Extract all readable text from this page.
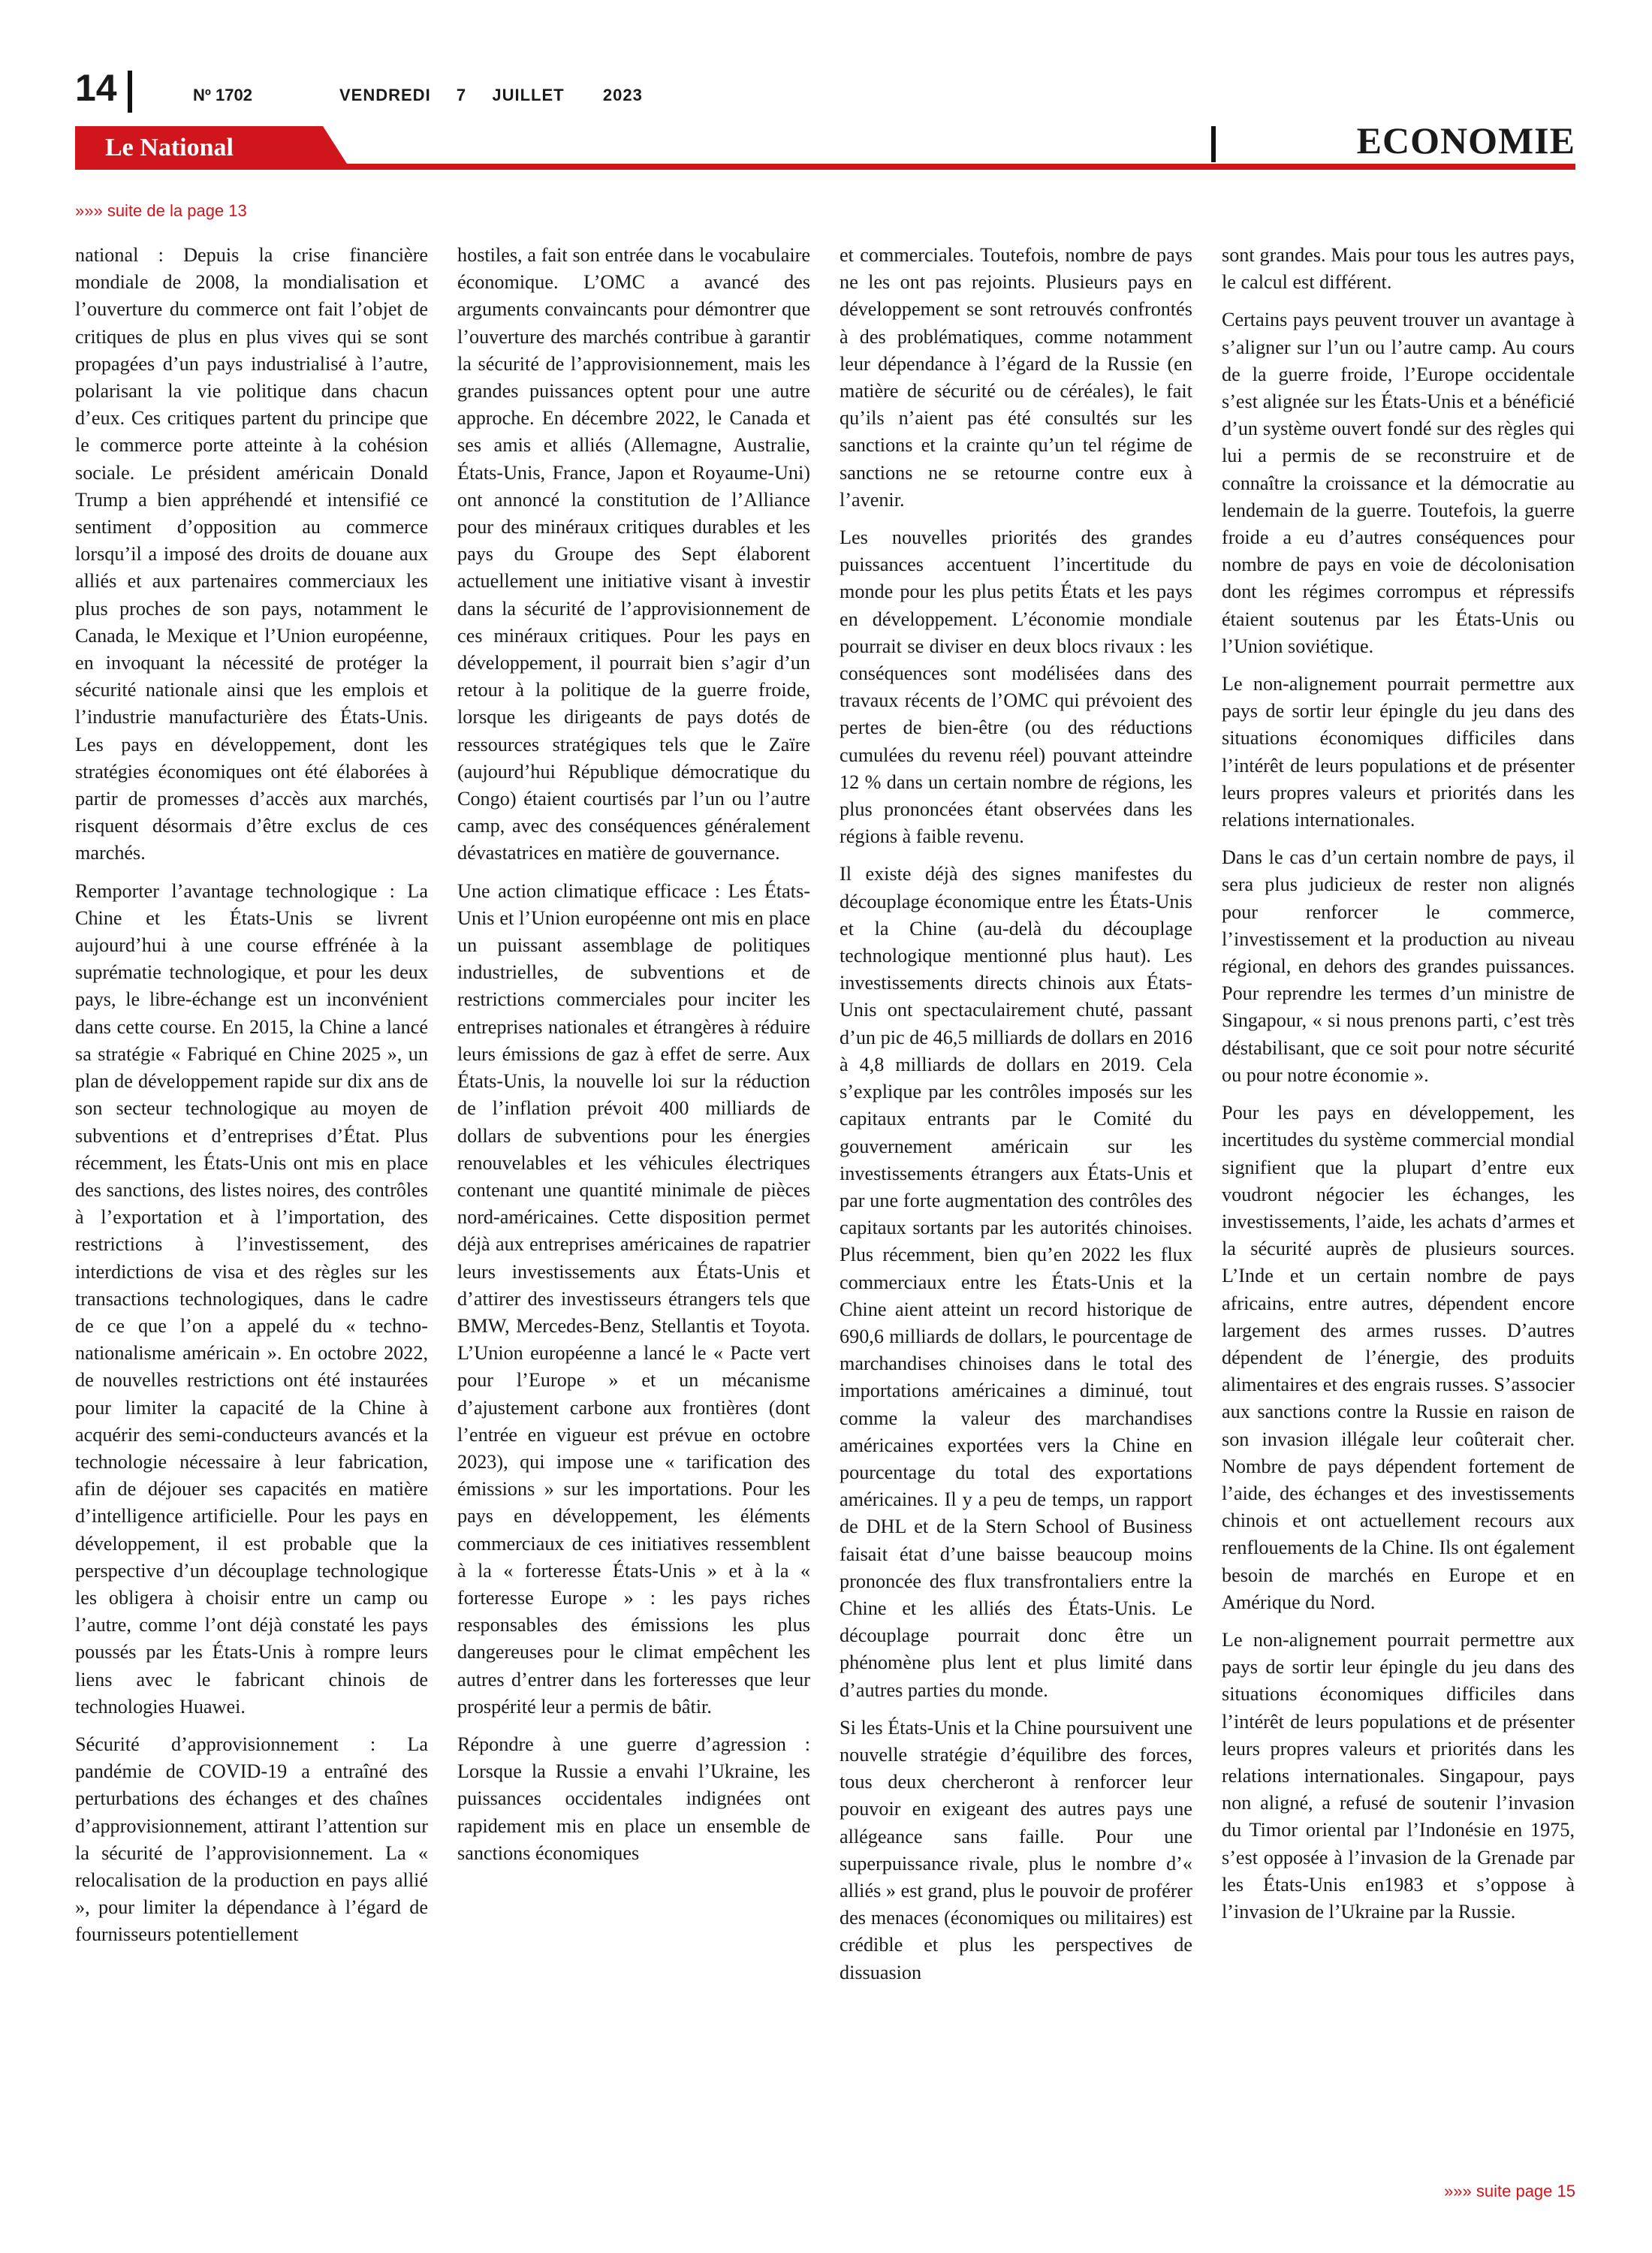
14	Nº 1702	VENDREDI  7  JUILLET   2023
Le National	ECONOMIE
»»» suite de la page 13

national : Depuis la crise financière mondiale de 2008, la mondialisation et l’ouverture du commerce ont fait l’objet de critiques de plus en plus vives qui se sont propagées d’un pays industrialisé à l’autre, polarisant la vie politique dans chacun d’eux. Ces critiques partent du principe que le commerce porte atteinte à la cohésion sociale. Le président américain Donald Trump a bien appréhendé et intensifié ce sentiment d’opposition au commerce lorsqu’il a imposé des droits de douane aux alliés et aux partenaires commerciaux les plus proches de son pays, notamment le Canada, le Mexique et l’Union européenne, en invoquant la nécessité de protéger la sécurité nationale ainsi que les emplois et l’industrie manufacturière des États-Unis. Les pays en développement, dont les stratégies économiques ont été élaborées à partir de promesses d’accès aux marchés, risquent désormais d’être exclus de ces marchés.

Remporter l’avantage technologique : La Chine et les États-Unis se livrent aujourd’hui à une course effrénée à la suprématie technologique, et pour les deux pays, le libre-échange est un inconvénient dans cette course. En 2015, la Chine a lancé sa stratégie « Fabriqué en Chine 2025 », un plan de développement rapide sur dix ans de son secteur technologique au moyen de subventions et d’entreprises d’État. Plus récemment, les États-Unis ont mis en place des sanctions, des listes noires, des contrôles à l’exportation et à l’importation, des restrictions à l’investissement, des interdictions de visa et des règles sur les transactions technologiques, dans le cadre de ce que l’on a appelé du « techno-nationalisme américain ». En octobre 2022, de nouvelles restrictions ont été instaurées pour limiter la capacité de la Chine à acquérir des semi-conducteurs avancés et la technologie nécessaire à leur fabrication, afin de déjouer ses capacités en matière d’intelligence artificielle. Pour les pays en développement, il est probable que la perspective d’un découplage technologique les obligera à choisir entre un camp ou l’autre, comme l’ont déjà constaté les pays poussés par les États-Unis à rompre leurs liens avec le fabricant chinois de technologies Huawei.

Sécurité d’approvisionnement : La pandémie de COVID-19 a entraîné des perturbations des échanges et des chaînes d’approvisionnement, attirant l’attention sur la sécurité de l’approvisionnement. La « relocalisation de la production en pays allié », pour limiter la dépendance à l’égard de fournisseurs potentiellement

hostiles, a fait son entrée dans le vocabulaire économique. L’OMC a avancé des arguments convaincants pour démontrer que l’ouverture des marchés contribue à garantir la sécurité de l’approvisionnement, mais les grandes puissances optent pour une autre approche. En décembre 2022, le Canada et ses amis et alliés (Allemagne, Australie, États-Unis, France, Japon et Royaume-Uni) ont annoncé la constitution de l’Alliance pour des minéraux critiques durables et les pays du Groupe des Sept élaborent actuellement une initiative visant à investir dans la sécurité de l’approvisionnement de ces minéraux critiques. Pour les pays en développement, il pourrait bien s’agir d’un retour à la politique de la guerre froide, lorsque les dirigeants de pays dotés de ressources stratégiques tels que le Zaïre (aujourd’hui République démocratique du Congo) étaient courtisés par l’un ou l’autre camp, avec des conséquences généralement dévastatrices en matière de gouvernance.

Une action climatique efficace : Les États-Unis et l’Union européenne ont mis en place un puissant assemblage de politiques industrielles, de subventions et de restrictions commerciales pour inciter les entreprises nationales et étrangères à réduire leurs émissions de gaz à effet de serre. Aux États-Unis, la nouvelle loi sur la réduction de l’inflation prévoit 400 milliards de dollars de subventions pour les énergies renouvelables et les véhicules électriques contenant une quantité minimale de pièces nord-américaines. Cette disposition permet déjà aux entreprises américaines de rapatrier leurs investissements aux États-Unis et d’attirer des investisseurs étrangers tels que BMW, Mercedes-Benz, Stellantis et Toyota. L’Union européenne a lancé le « Pacte vert pour l’Europe » et un mécanisme d’ajustement carbone aux frontières (dont l’entrée en vigueur est prévue en octobre 2023), qui impose une « tarification des émissions » sur les importations. Pour les pays en développement, les éléments commerciaux de ces initiatives ressemblent à la « forteresse États-Unis » et à la « forteresse Europe » : les pays riches responsables des émissions les plus dangereuses pour le climat empêchent les autres d’entrer dans les forteresses que leur prospérité leur a permis de bâtir.

Répondre à une guerre d’agression : Lorsque la Russie a envahi l’Ukraine, les puissances occidentales indignées ont rapidement mis en place un ensemble de sanctions économiques

et commerciales. Toutefois, nombre de pays ne les ont pas rejoints. Plusieurs pays en développement se sont retrouvés confrontés à des problématiques, comme notamment leur dépendance à l’égard de la Russie (en matière de sécurité ou de céréales), le fait qu’ils n’aient pas été consultés sur les sanctions et la crainte qu’un tel régime de sanctions ne se retourne contre eux à l’avenir.

Les nouvelles priorités des grandes puissances accentuent l’incertitude du monde pour les plus petits États et les pays en développement. L’économie mondiale pourrait se diviser en deux blocs rivaux : les conséquences sont modélisées dans des travaux récents de l’OMC qui prévoient des pertes de bien-être (ou des réductions cumulées du revenu réel) pouvant atteindre 12 % dans un certain nombre de régions, les plus prononcées étant observées dans les régions à faible revenu.

Il existe déjà des signes manifestes du découplage économique entre les États-Unis et la Chine (au-delà du découplage technologique mentionné plus haut). Les investissements directs chinois aux États-Unis ont spectaculairement chuté, passant d’un pic de 46,5 milliards de dollars en 2016 à 4,8 milliards de dollars en 2019. Cela s’explique par les contrôles imposés sur les capitaux entrants par le Comité du gouvernement américain sur les investissements étrangers aux États-Unis et par une forte augmentation des contrôles des capitaux sortants par les autorités chinoises. Plus récemment, bien qu’en 2022 les flux commerciaux entre les États-Unis et la Chine aient atteint un record historique de 690,6 milliards de dollars, le pourcentage de marchandises chinoises dans le total des importations américaines a diminué, tout comme la valeur des marchandises américaines exportées vers la Chine en pourcentage du total des exportations américaines. Il y a peu de temps, un rapport de DHL et de la Stern School of Business faisait état d’une baisse beaucoup moins prononcée des flux transfrontaliers entre la Chine et les alliés des États-Unis. Le découplage pourrait donc être un phénomène plus lent et plus limité dans d’autres parties du monde.

Si les États-Unis et la Chine poursuivent une nouvelle stratégie d’équilibre des forces, tous deux chercheront à renforcer leur pouvoir en exigeant des autres pays une allégeance sans faille. Pour une superpuissance rivale, plus le nombre d’« alliés » est grand, plus le pouvoir de proférer des menaces (économiques ou militaires) est crédible et plus les perspectives de dissuasion

sont grandes. Mais pour tous les autres pays, le calcul est différent.

Certains pays peuvent trouver un avantage à s’aligner sur l’un ou l’autre camp. Au cours de la guerre froide, l’Europe occidentale s’est alignée sur les États-Unis et a bénéficié d’un système ouvert fondé sur des règles qui lui a permis de se reconstruire et de connaître la croissance et la démocratie au lendemain de la guerre. Toutefois, la guerre froide a eu d’autres conséquences pour nombre de pays en voie de décolonisation dont les régimes corrompus et répressifs étaient soutenus par les États-Unis ou l’Union soviétique.

Le non-alignement pourrait permettre aux pays de sortir leur épingle du jeu dans des situations économiques difficiles dans l’intérêt de leurs populations et de présenter leurs propres valeurs et priorités dans les relations internationales.

Dans le cas d’un certain nombre de pays, il sera plus judicieux de rester non alignés pour renforcer le commerce, l’investissement et la production au niveau régional, en dehors des grandes puissances. Pour reprendre les termes d’un ministre de Singapour, « si nous prenons parti, c’est très déstabilisant, que ce soit pour notre sécurité ou pour notre économie ».

Pour les pays en développement, les incertitudes du système commercial mondial signifient que la plupart d’entre eux voudront négocier les échanges, les investissements, l’aide, les achats d’armes et la sécurité auprès de plusieurs sources. L’Inde et un certain nombre de pays africains, entre autres, dépendent encore largement des armes russes. D’autres dépendent de l’énergie, des produits alimentaires et des engrais russes. S’associer aux sanctions contre la Russie en raison de son invasion illégale leur coûterait cher. Nombre de pays dépendent fortement de l’aide, des échanges et des investissements chinois et ont actuellement recours aux renflouements de la Chine. Ils ont également besoin de marchés en Europe et en Amérique du Nord.

Le non-alignement pourrait permettre aux pays de sortir leur épingle du jeu dans des situations économiques difficiles dans l’intérêt de leurs populations et de présenter leurs propres valeurs et priorités dans les relations internationales. Singapour, pays non aligné, a refusé de soutenir l’invasion du Timor oriental par l’Indonésie en 1975, s’est opposée à l’invasion de la Grenade par les États-Unis en1983 et s’oppose à l’invasion de l’Ukraine par la Russie.

»»» suite page 15
